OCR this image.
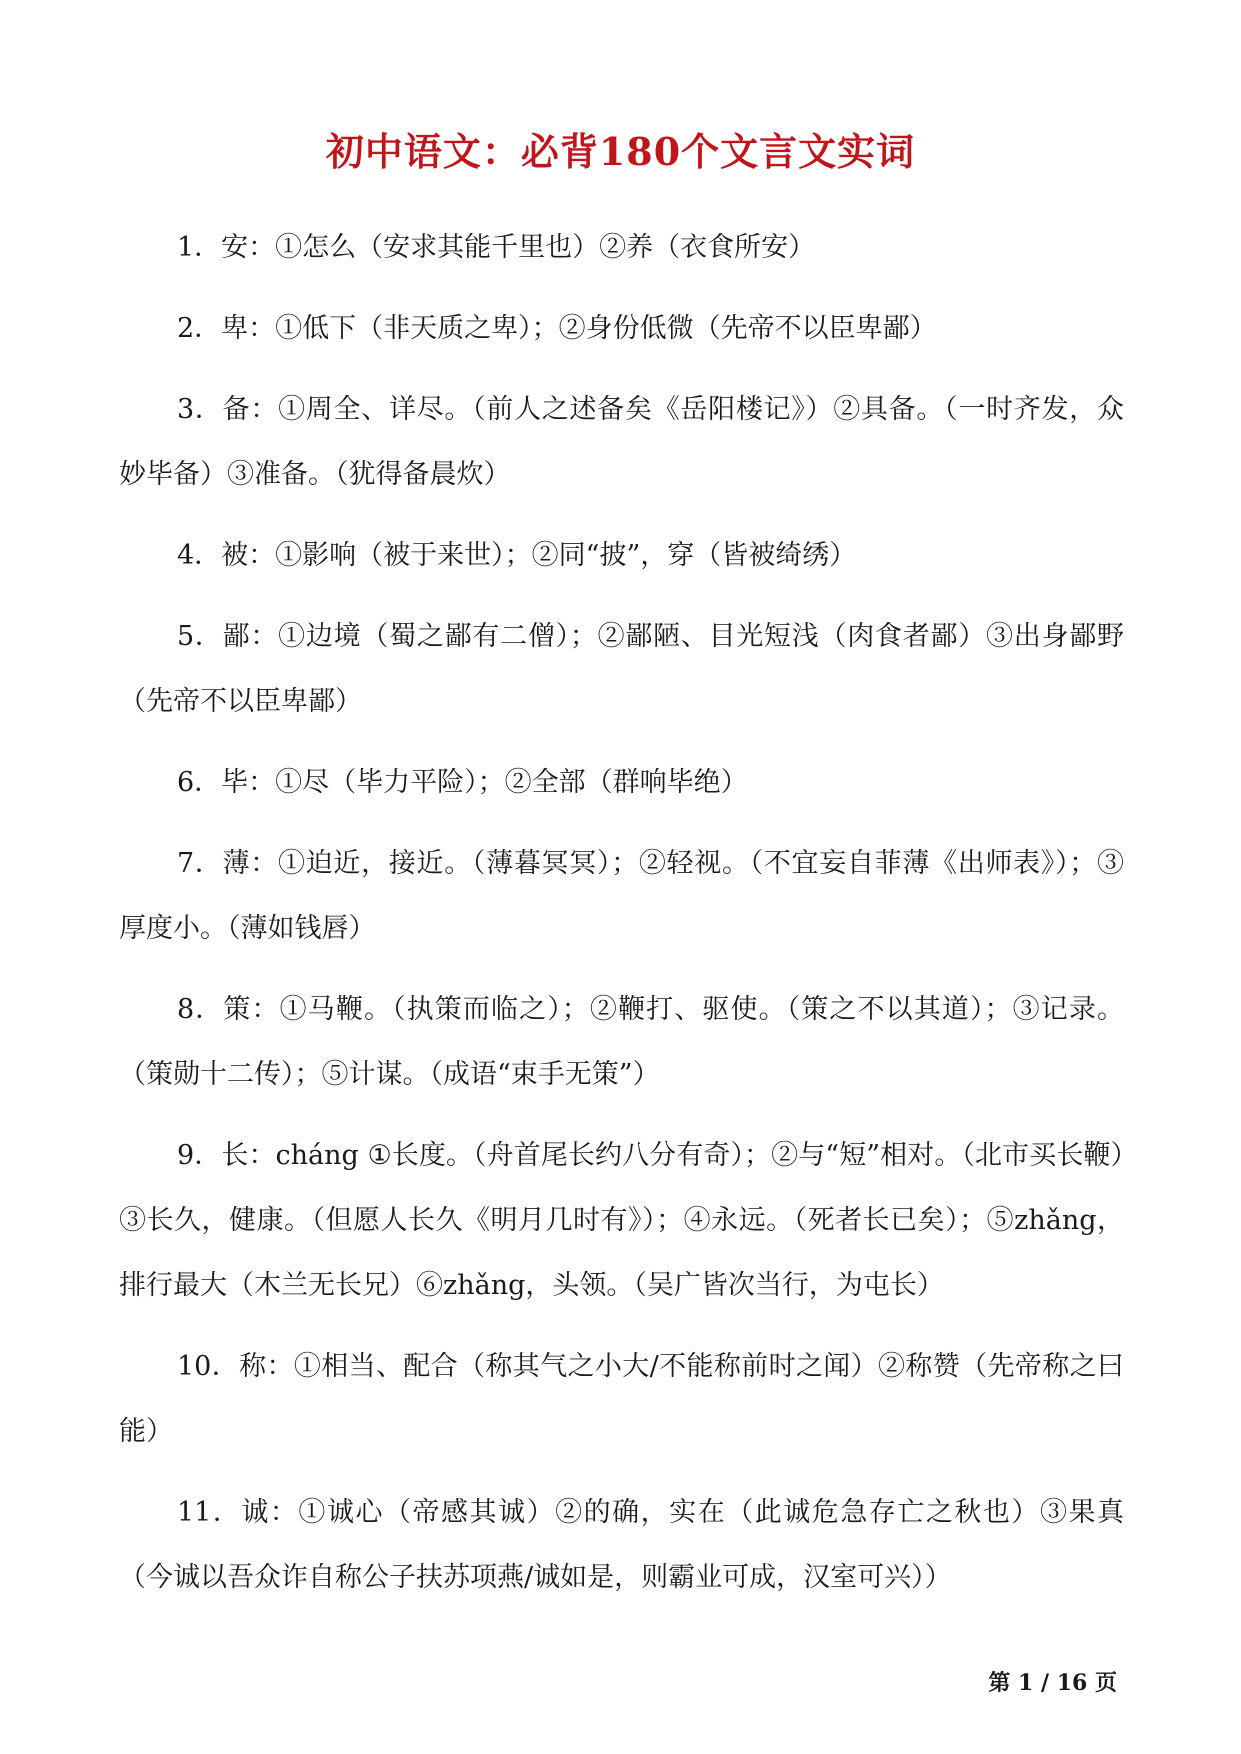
初中语文：必背180个文言文实词

1．安：①怎么（安求其能千里也）②养（衣食所安）

2．卑：①低下（非天质之卑）；②身份低微（先帝不以臣卑鄙）

3．备：①周全、详尽。（前人之述备矣《岳阳楼记》）②具备。（一时齐发，众妙毕备）③准备。（犹得备晨炊）

4．被：①影响（被于来世）；②同“披”，穿（皆被绮绣）

5．鄙：①边境（蜀之鄙有二僧）；②鄙陋、目光短浅（肉食者鄙）③出身鄙野（先帝不以臣卑鄙）

6．毕：①尽（毕力平险）；②全部（群响毕绝）

7．薄：①迫近，接近。（薄暮冥冥）；②轻视。（不宜妄自菲薄《出师表》）；③厚度小。（薄如钱唇）

8．策：①马鞭。（执策而临之）；②鞭打、驱使。（策之不以其道）；③记录。（策勋十二传）；⑤计谋。（成语“束手无策”）

9．长：cháng ①长度。（舟首尾长约八分有奇）；②与“短”相对。（北市买长鞭）③长久，健康。（但愿人长久《明月几时有》）；④永远。（死者长已矣）；⑤zhǎng，排行最大（木兰无长兄）⑥zhǎng，头领。（吴广皆次当行，为屯长）

10．称：①相当、配合（称其气之小大/不能称前时之闻）②称赞（先帝称之曰能）

11．诚：①诚心（帝感其诚）②的确，实在（此诚危急存亡之秋也）③果真（今诚以吾众诈自称公子扶苏项燕/诚如是，则霸业可成，汉室可兴））

第 1 / 16 页
